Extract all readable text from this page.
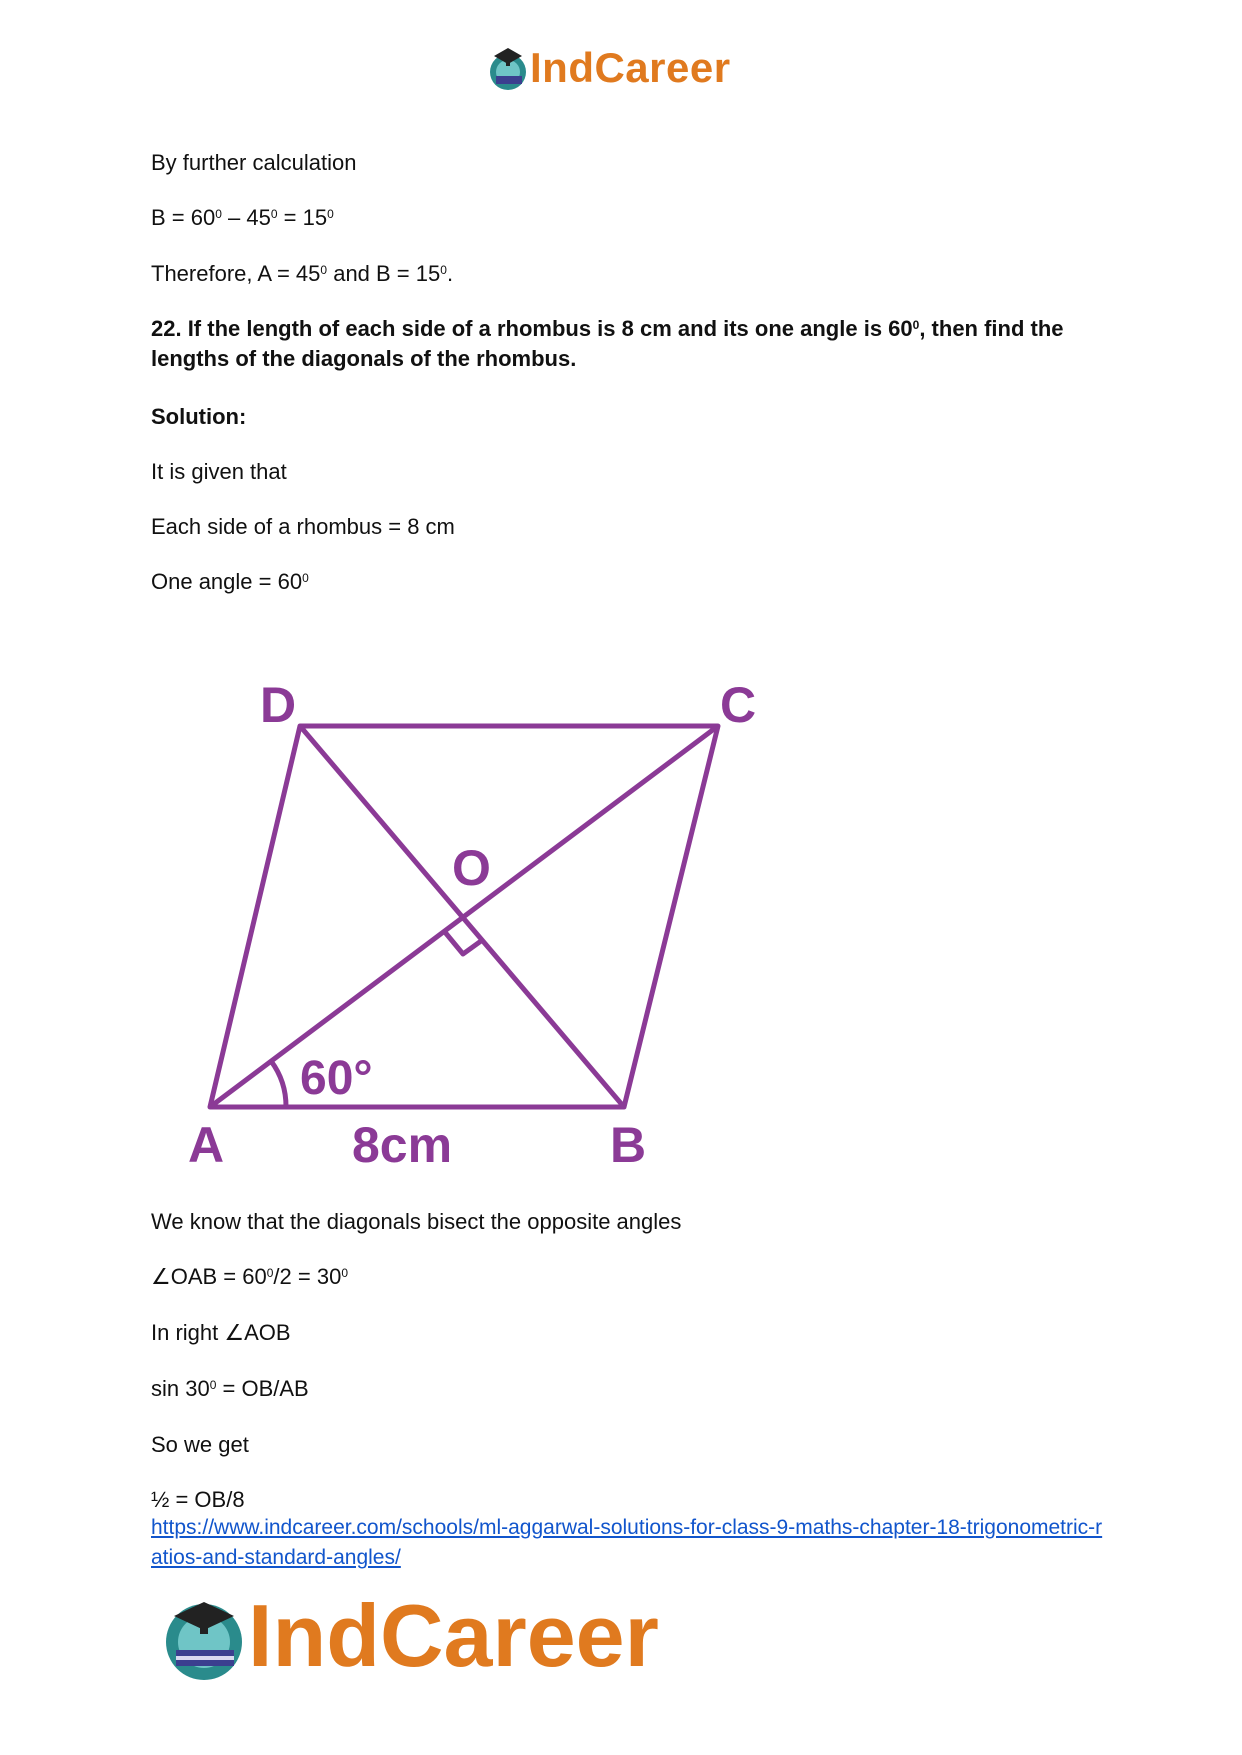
IndCareer
By further calculation
$B = 60^0 - 45^0 = 15^0$
Therefore, $A = 45^0$ and $B = 15^0$.
22. If the length of each side of a rhombus is 8 cm and its one angle is $60^0$, then find the lengths of the diagonals of the rhombus.
Solution:
It is given that
Each side of a rhombus = 8 cm
One angle = $60^0$
D	C
O
A	B
60°
8cm
We know that the diagonals bisect the opposite angles
∠OAB = $60^0/2 = 30^0$
In right ∠AOB
$\sin 30^0 = OB/AB$
So we get
½ = OB/8
https://www.indcareer.com/schools/ml-aggarwal-solutions-for-class-9-maths-chapter-18-trigonometric-ratios-and-standard-angles/
IndCareer
